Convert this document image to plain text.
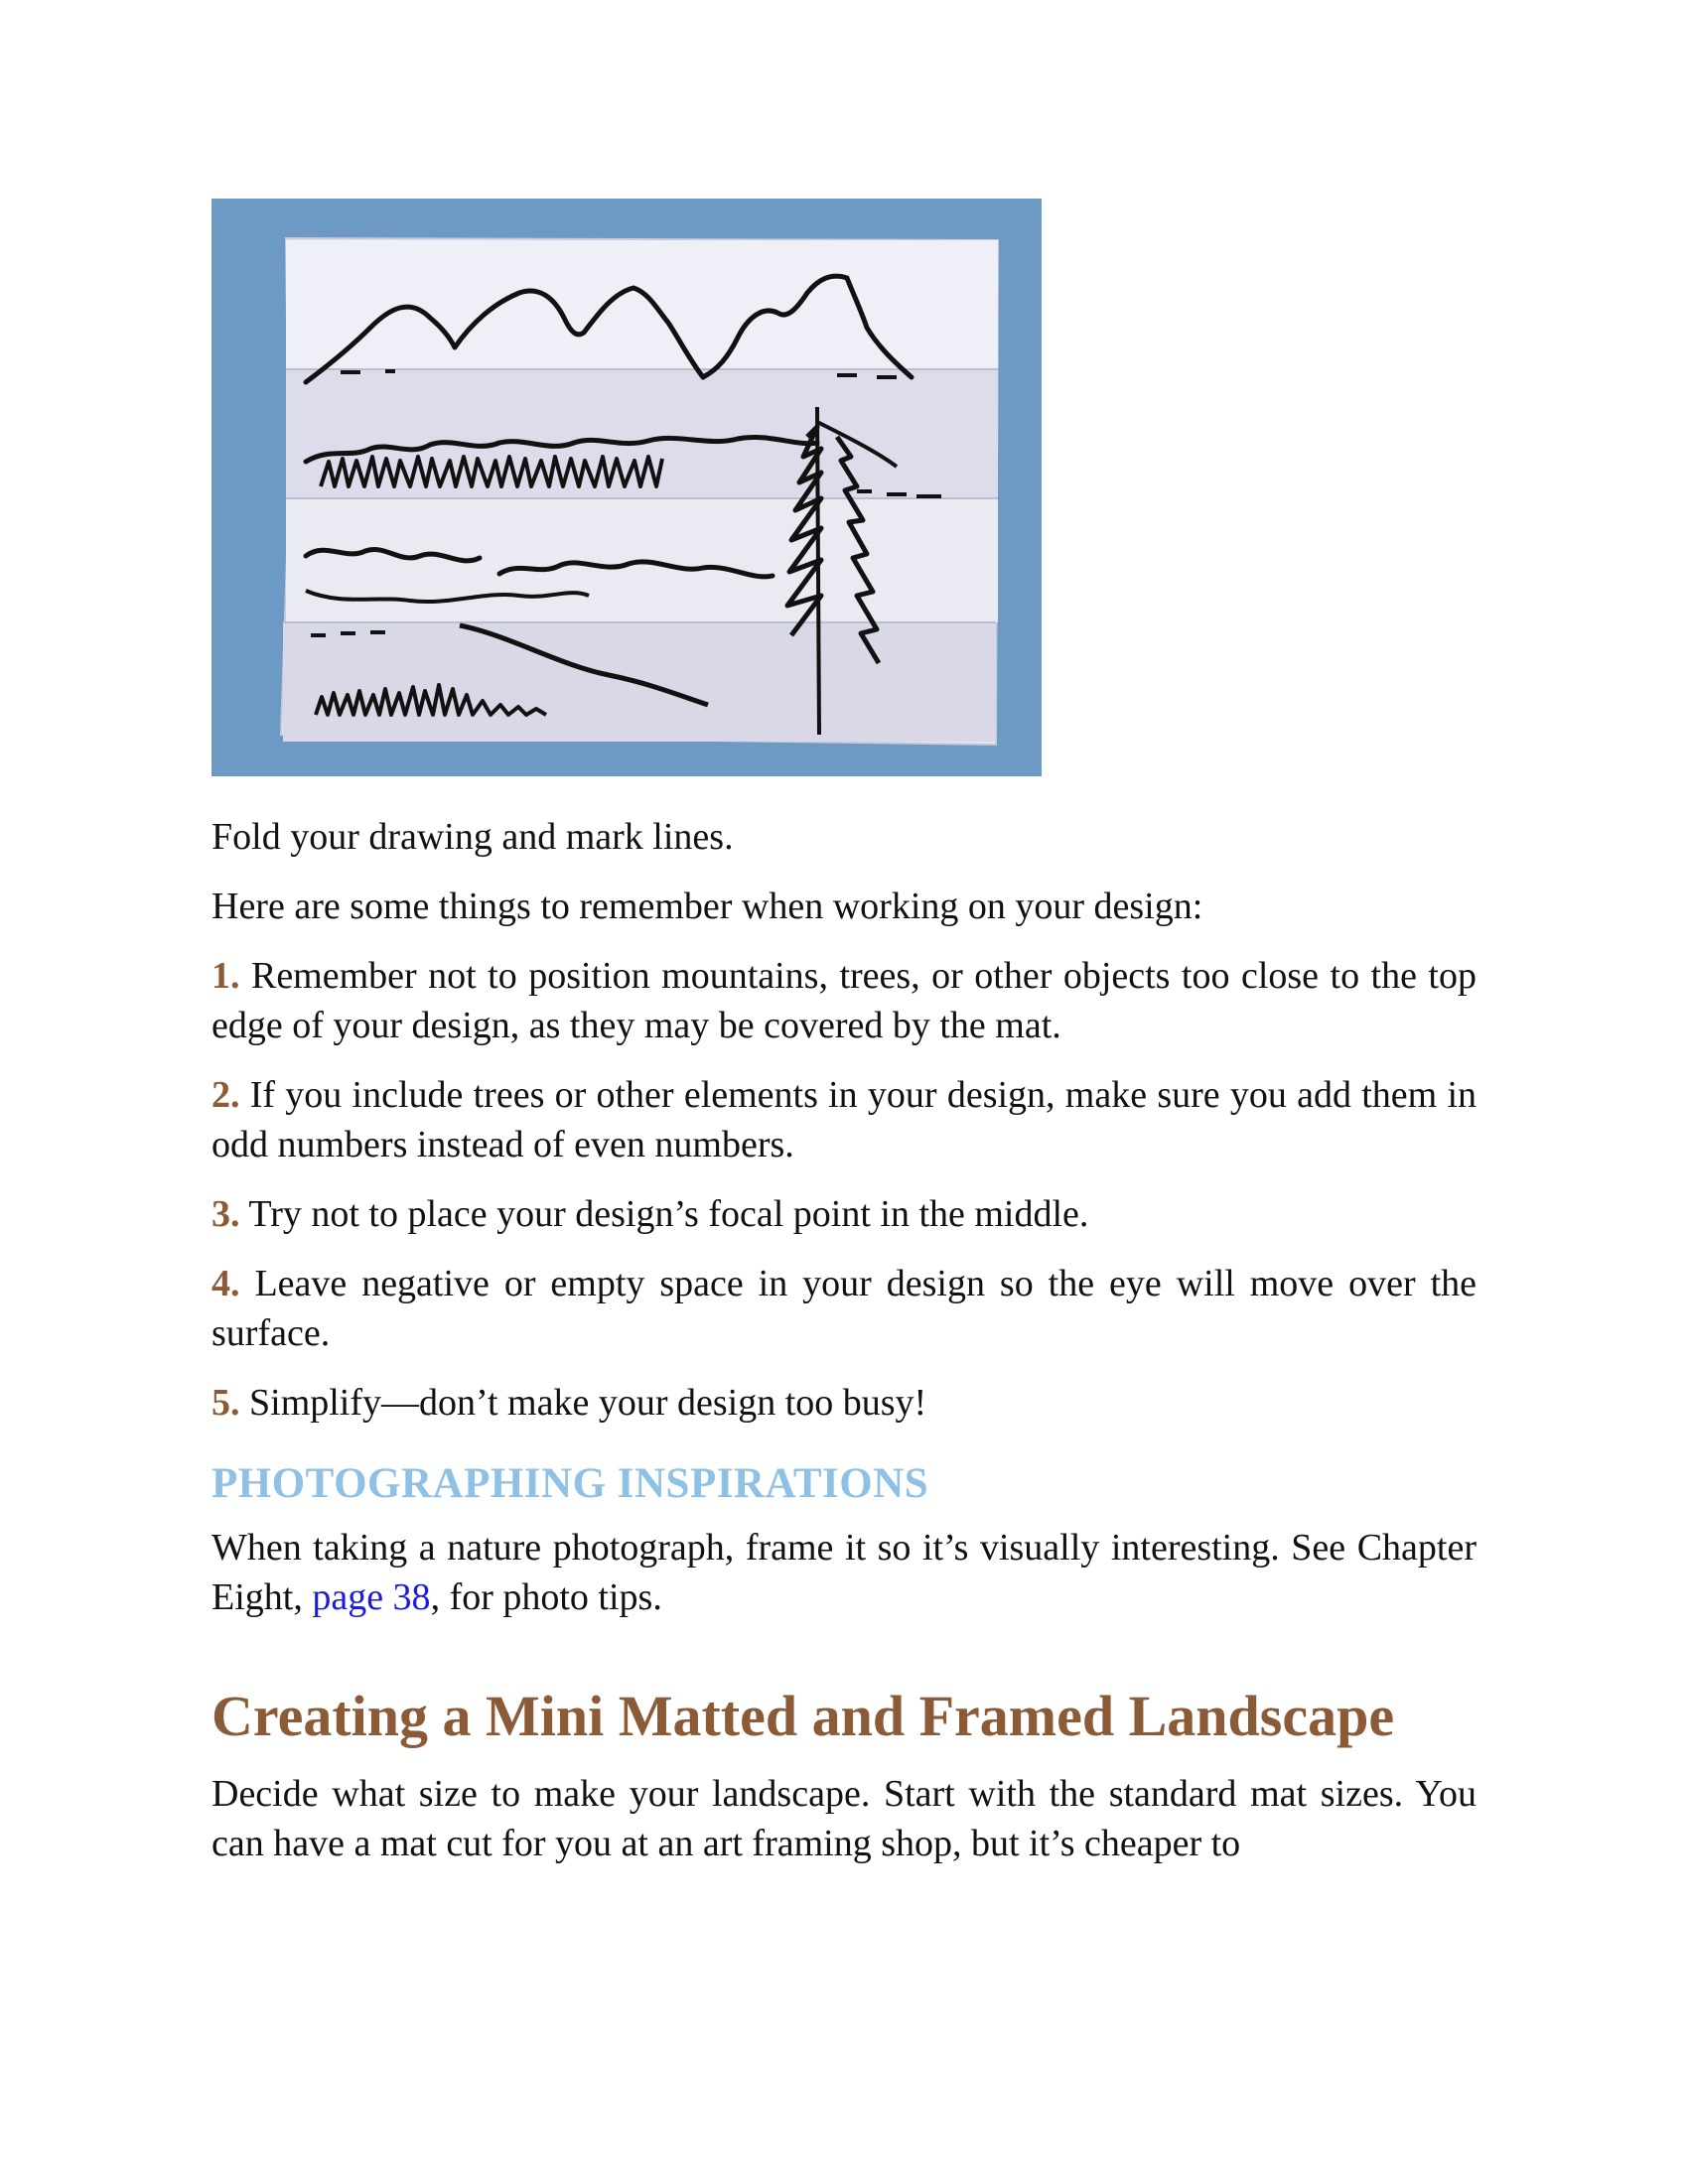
Fold your drawing and mark lines.

Here are some things to remember when working on your design:

1. Remember not to position mountains, trees, or other objects too close to the top edge of your design, as they may be covered by the mat.

2. If you include trees or other elements in your design, make sure you add them in odd numbers instead of even numbers.

3. Try not to place your design’s focal point in the middle.

4. Leave negative or empty space in your design so the eye will move over the surface.

5. Simplify—don’t make your design too busy!

PHOTOGRAPHING INSPIRATIONS

When taking a nature photograph, frame it so it’s visually interesting. See Chapter Eight, page 38, for photo tips.

Creating a Mini Matted and Framed Landscape

Decide what size to make your landscape. Start with the standard mat sizes. You can have a mat cut for you at an art framing shop, but it’s cheaper to
